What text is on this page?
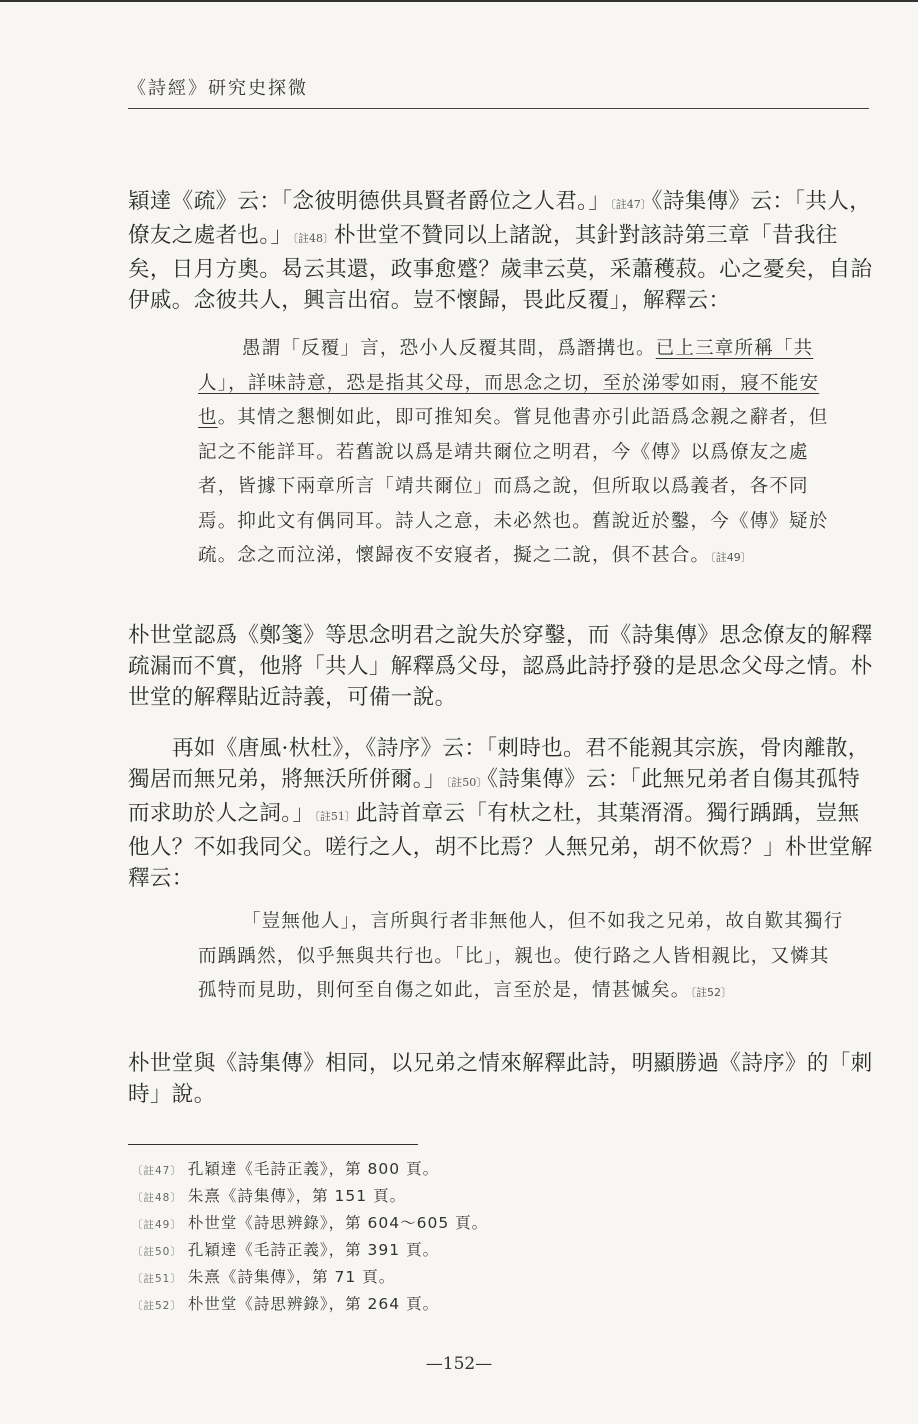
《詩經》研究史探微

穎達《疏》云：「念彼明德供具賢者爵位之人君。」〔註47〕《詩集傳》云：「共人，僚友之處者也。」〔註48〕朴世堂不贊同以上諸說，其針對該詩第三章「昔我往矣，日月方奧。曷云其還，政事愈蹙？歲聿云莫，采蕭穫菽。心之憂矣，自詒伊戚。念彼共人，興言出宿。豈不懷歸，畏此反覆」，解釋云：

愚謂「反覆」言，恐小人反覆其間，爲譖搆也。已上三章所稱「共人」，詳味詩意，恐是指其父母，而思念之切，至於涕零如雨，寢不能安也。其情之懇惻如此，即可推知矣。嘗見他書亦引此語爲念親之辭者，但記之不能詳耳。若舊說以爲是靖共爾位之明君，今《傳》以爲僚友之處者，皆據下兩章所言「靖共爾位」而爲之說，但所取以爲義者，各不同焉。抑此文有偶同耳。詩人之意，未必然也。舊說近於鑿，今《傳》疑於疏。念之而泣涕，懷歸夜不安寢者，擬之二說，俱不甚合。〔註49〕

朴世堂認爲《鄭箋》等思念明君之說失於穿鑿，而《詩集傳》思念僚友的解釋疏漏而不實，他將「共人」解釋爲父母，認爲此詩抒發的是思念父母之情。朴世堂的解釋貼近詩義，可備一說。

再如《唐風·杕杜》，《詩序》云：「刺時也。君不能親其宗族，骨肉離散，獨居而無兄弟，將無沃所併爾。」〔註50〕《詩集傳》云：「此無兄弟者自傷其孤特而求助於人之詞。」〔註51〕此詩首章云「有杕之杜，其葉湑湑。獨行踽踽，豈無他人？不如我同父。嗟行之人，胡不比焉？人無兄弟，胡不佽焉？」朴世堂解釋云：

「豈無他人」，言所與行者非無他人，但不如我之兄弟，故自歎其獨行而踽踽然，似乎無與共行也。「比」，親也。使行路之人皆相親比，又憐其孤特而見助，則何至自傷之如此，言至於是，情甚慽矣。〔註52〕

朴世堂與《詩集傳》相同，以兄弟之情來解釋此詩，明顯勝過《詩序》的「刺時」說。

〔註47〕 孔穎達《毛詩正義》，第 800 頁。
〔註48〕 朱熹《詩集傳》，第 151 頁。
〔註49〕 朴世堂《詩思辨錄》，第 604～605 頁。
〔註50〕 孔穎達《毛詩正義》，第 391 頁。
〔註51〕 朱熹《詩集傳》，第 71 頁。
〔註52〕 朴世堂《詩思辨錄》，第 264 頁。
—152—
